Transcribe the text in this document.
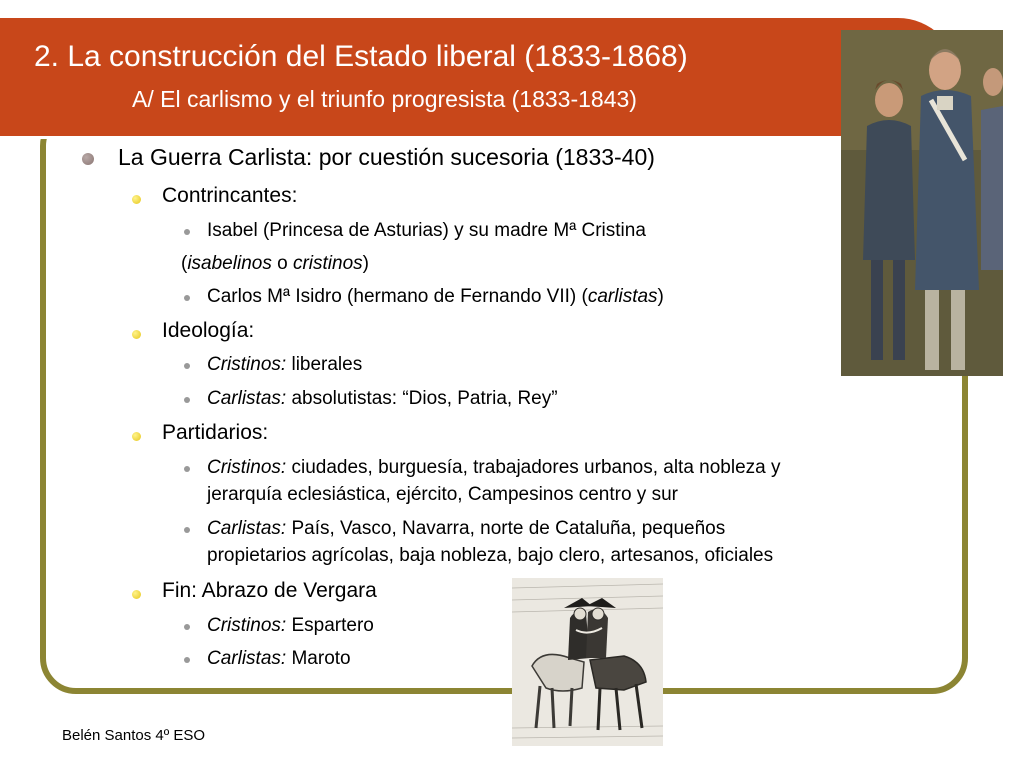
2. La construcción del Estado liberal (1833-1868)
A/ El carlismo y el triunfo progresista (1833-1843)
La Guerra Carlista: por cuestión sucesoria (1833-40)
Contrincantes:
Isabel (Princesa de Asturias) y su madre Mª Cristina
(isabelinos o cristinos)
Carlos Mª Isidro (hermano de Fernando VII) (carlistas)
Ideología:
Cristinos: liberales
Carlistas: absolutistas: “Dios, Patria, Rey”
Partidarios:
Cristinos: ciudades, burguesía, trabajadores urbanos, alta nobleza y
jerarquía eclesiástica, ejército, Campesinos centro y sur
Carlistas: País, Vasco, Navarra, norte de Cataluña, pequeños
propietarios agrícolas, baja nobleza, bajo clero, artesanos, oficiales
Fin: Abrazo de Vergara
Cristinos: Espartero
Carlistas: Maroto
Belén Santos 4º ESO
